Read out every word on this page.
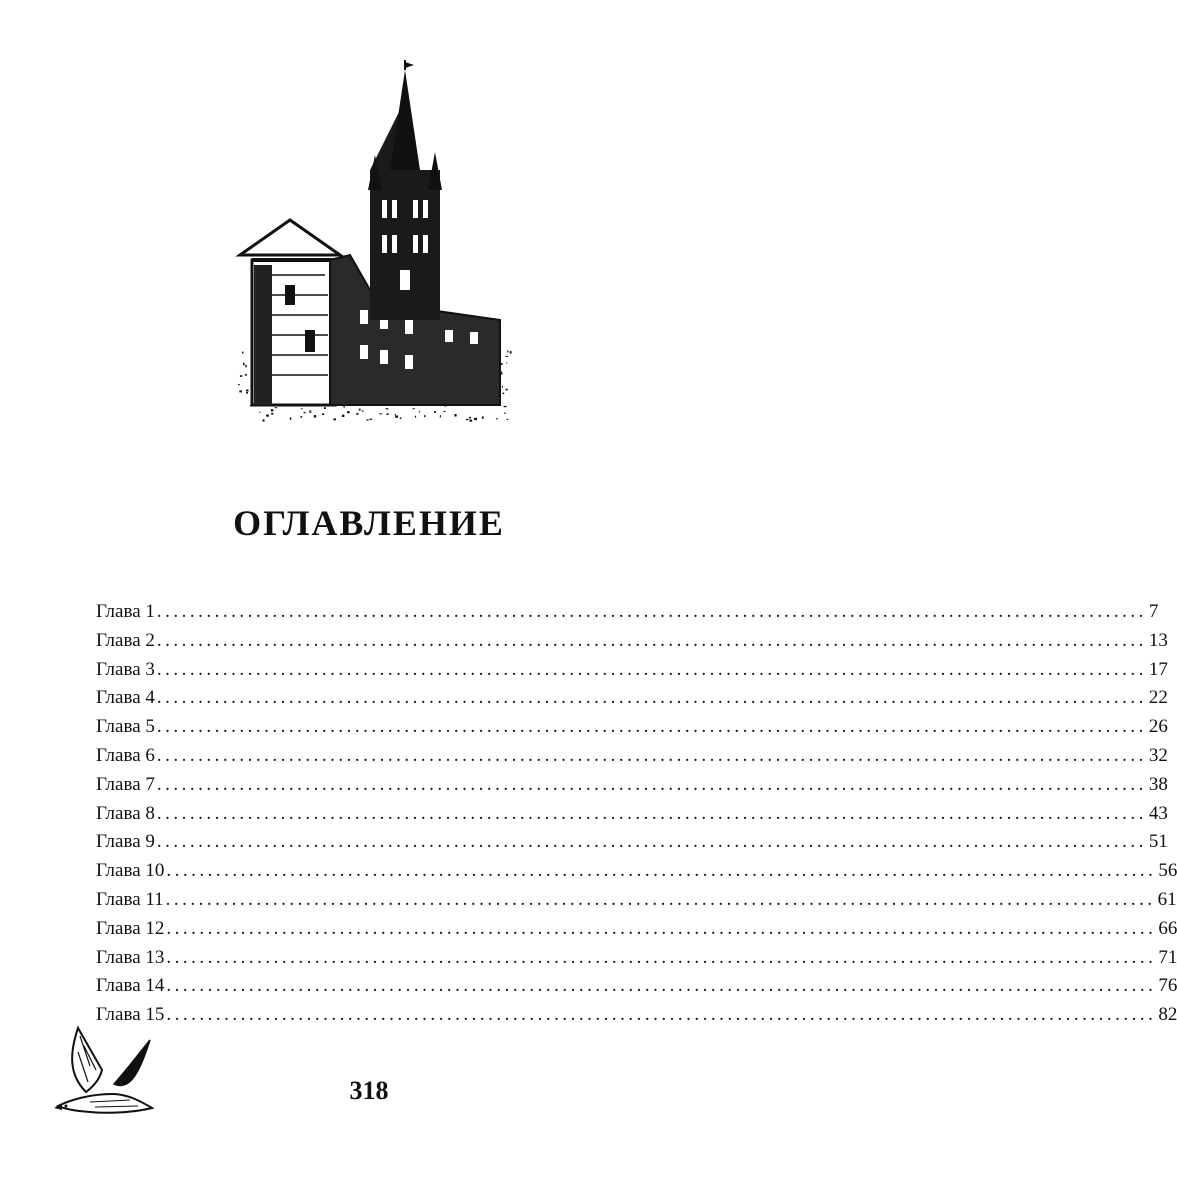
ОГЛАВЛЕНИЕ
Глава 1 ........................................................................................................................ 7
Глава 2 ........................................................................................................................ 13
Глава 3 ........................................................................................................................ 17
Глава 4 ........................................................................................................................ 22
Глава 5 ........................................................................................................................ 26
Глава 6 ........................................................................................................................ 32
Глава 7 ........................................................................................................................ 38
Глава 8 ........................................................................................................................ 43
Глава 9 ........................................................................................................................ 51
Глава 10 ........................................................................................................................ 56
Глава 11 ........................................................................................................................ 61
Глава 12 ........................................................................................................................ 66
Глава 13 ........................................................................................................................ 71
Глава 14 ........................................................................................................................ 76
Глава 15 ........................................................................................................................ 82
318
